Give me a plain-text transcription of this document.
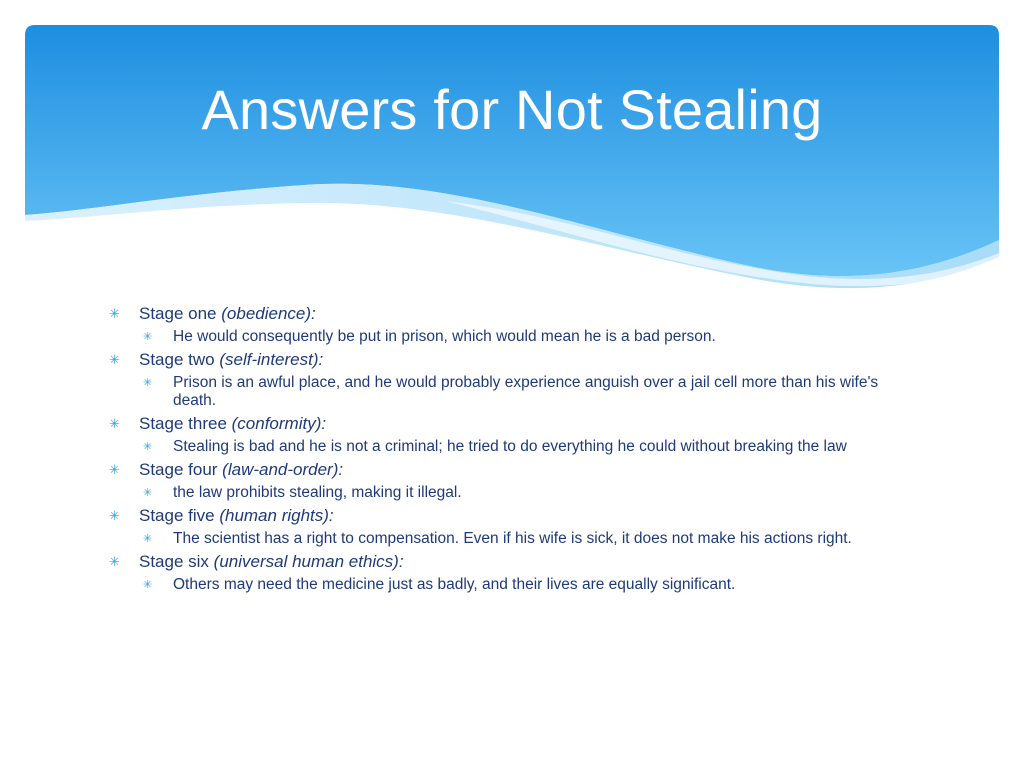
Answers for Not Stealing
✳ Stage one (obedience):
✳ He would consequently be put in prison, which would mean he is a bad person.
✳ Stage two (self-interest):
✳ Prison is an awful place, and he would probably experience anguish over a jail cell more than his wife's death.
✳ Stage three (conformity):
✳ Stealing is bad and he is not a criminal; he tried to do everything he could without breaking the law
✳ Stage four (law-and-order):
✳ the law prohibits stealing, making it illegal.
✳ Stage five (human rights):
✳ The scientist has a right to compensation. Even if his wife is sick, it does not make his actions right.
✳ Stage six (universal human ethics):
✳ Others may need the medicine just as badly, and their lives are equally significant.
